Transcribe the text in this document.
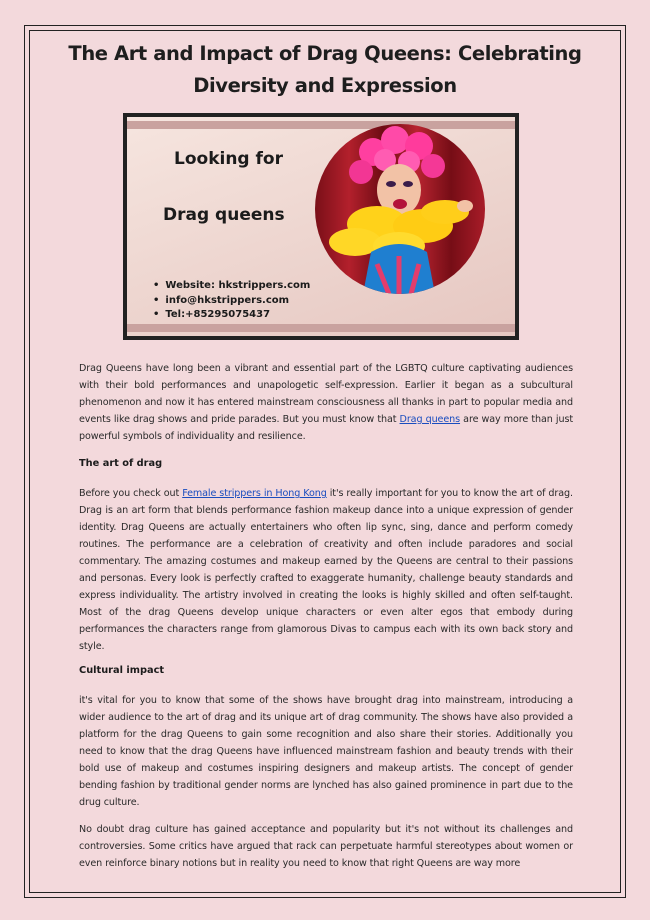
The Art and Impact of Drag Queens: Celebrating Diversity and Expression
Looking for
Drag queens
• Website: hkstrippers.com
• info@hkstrippers.com
• Tel:+85295075437

Drag Queens have long been a vibrant and essential part of the LGBTQ culture captivating audiences with their bold performances and unapologetic self-expression. Earlier it began as a subcultural phenomenon and now it has entered mainstream consciousness all thanks in part to popular media and events like drag shows and pride parades. But you must know that Drag queens are way more than just powerful symbols of individuality and resilience.

The art of drag

Before you check out Female strippers in Hong Kong it's really important for you to know the art of drag. Drag is an art form that blends performance fashion makeup dance into a unique expression of gender identity. Drag Queens are actually entertainers who often lip sync, sing, dance and perform comedy routines. The performance are a celebration of creativity and often include paradores and social commentary. The amazing costumes and makeup earned by the Queens are central to their passions and personas. Every look is perfectly crafted to exaggerate humanity, challenge beauty standards and express individuality. The artistry involved in creating the looks is highly skilled and often self-taught. Most of the drag Queens develop unique characters or even alter egos that embody during performances the characters range from glamorous Divas to campus each with its own back story and style.

Cultural impact

it's vital for you to know that some of the shows have brought drag into mainstream, introducing a wider audience to the art of drag and its unique art of drag community. The shows have also provided a platform for the drag Queens to gain some recognition and also share their stories. Additionally you need to know that the drag Queens have influenced mainstream fashion and beauty trends with their bold use of makeup and costumes inspiring designers and makeup artists. The concept of gender bending fashion by traditional gender norms are lynched has also gained prominence in part due to the drug culture.

No doubt drag culture has gained acceptance and popularity but it's not without its challenges and controversies. Some critics have argued that rack can perpetuate harmful stereotypes about women or even reinforce binary notions but in reality you need to know that right Queens are way more
